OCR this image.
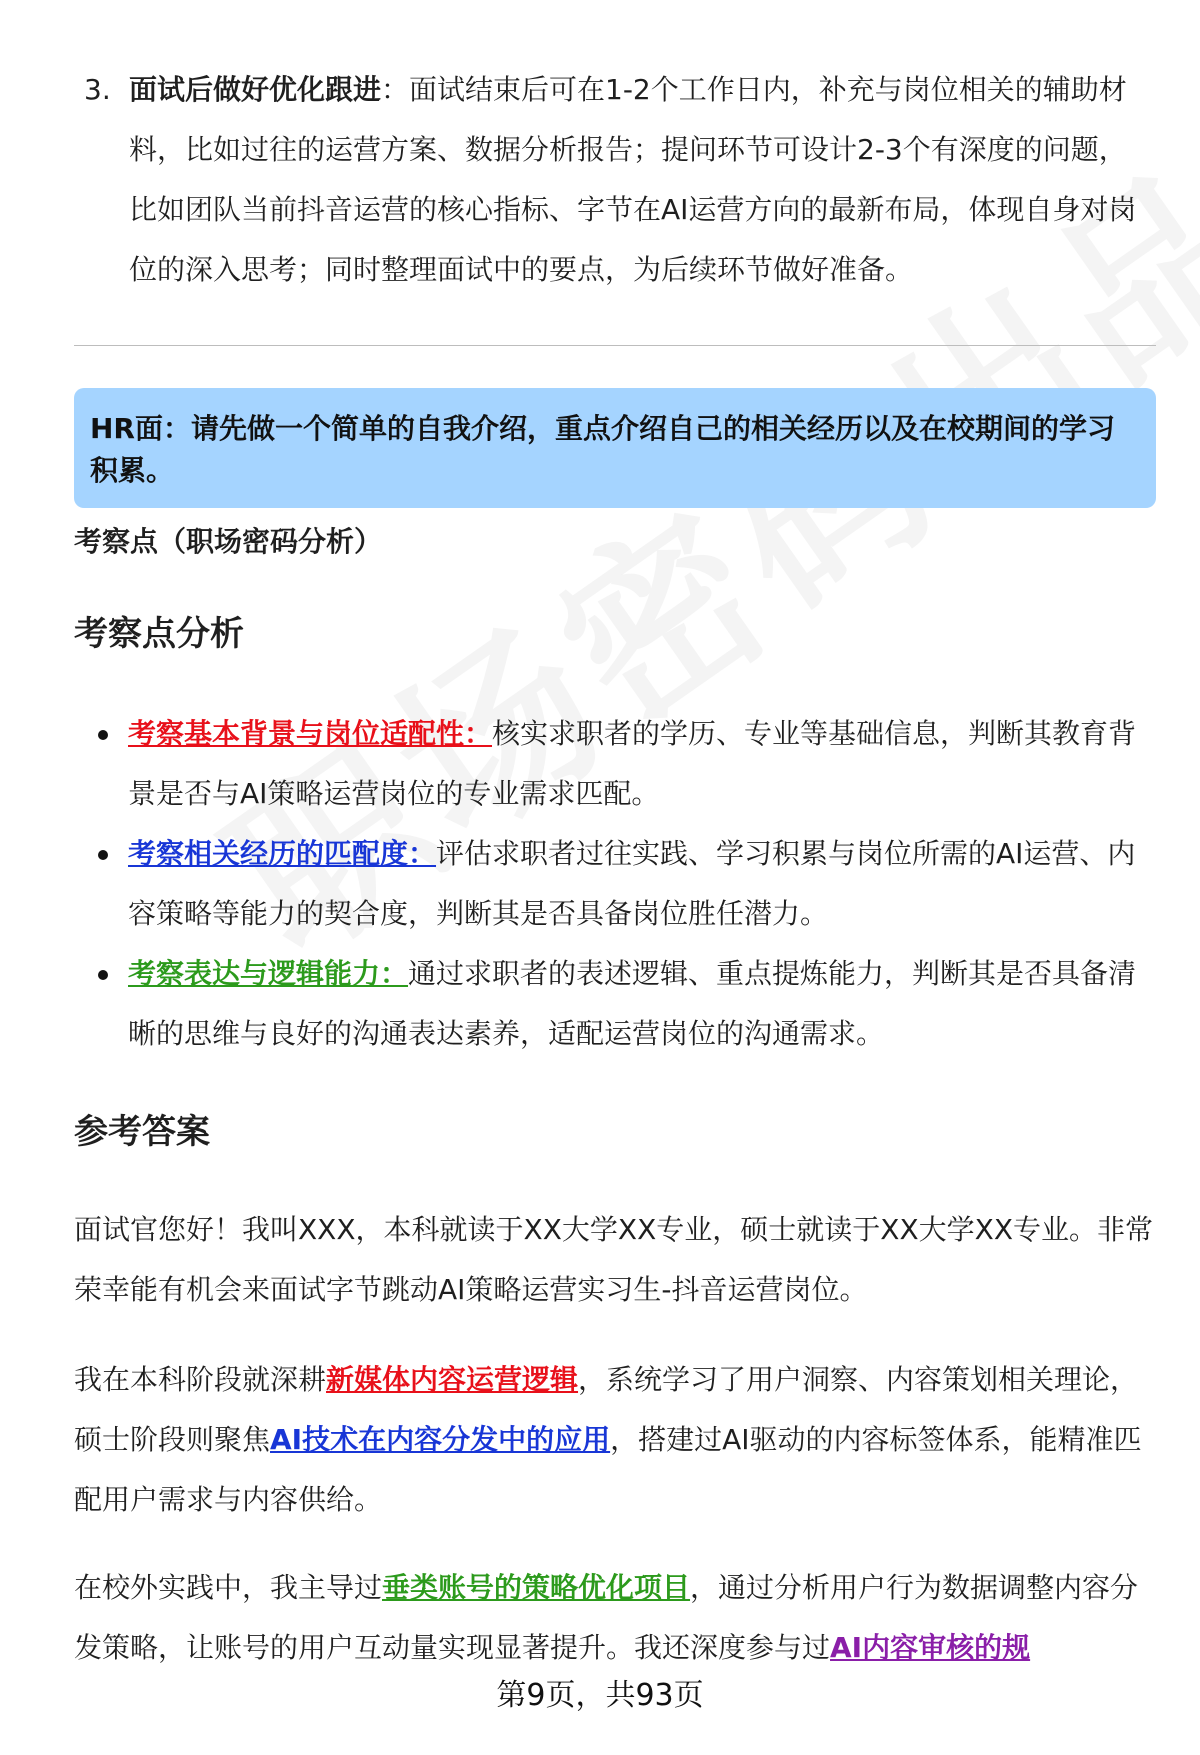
3. 面试后做好优化跟进：面试结束后可在1-2个工作日内，补充与岗位相关的辅助材料，比如过往的运营方案、数据分析报告；提问环节可设计2-3个有深度的问题，比如团队当前抖音运营的核心指标、字节在AI运营方向的最新布局，体现自身对岗位的深入思考；同时整理面试中的要点，为后续环节做好准备。
HR面：请先做一个简单的自我介绍，重点介绍自己的相关经历以及在校期间的学习积累。
考察点（职场密码分析）
考察点分析
考察基本背景与岗位适配性：核实求职者的学历、专业等基础信息，判断其教育背景是否与AI策略运营岗位的专业需求匹配。
考察相关经历的匹配度：评估求职者过往实践、学习积累与岗位所需的AI运营、内容策略等能力的契合度，判断其是否具备岗位胜任潜力。
考察表达与逻辑能力：通过求职者的表述逻辑、重点提炼能力，判断其是否具备清晰的思维与良好的沟通表达素养，适配运营岗位的沟通需求。
参考答案

面试官您好！我叫XXX，本科就读于XX大学XX专业，硕士就读于XX大学XX专业。非常荣幸能有机会来面试字节跳动AI策略运营实习生-抖音运营岗位。

我在本科阶段就深耕新媒体内容运营逻辑，系统学习了用户洞察、内容策划相关理论，硕士阶段则聚焦AI技术在内容分发中的应用，搭建过AI驱动的内容标签体系，能精准匹配用户需求与内容供给。

在校外实践中，我主导过垂类账号的策略优化项目，通过分析用户行为数据调整内容分发策略，让账号的用户互动量实现显著提升。我还深度参与过AI内容审核的规

第9页，共93页
